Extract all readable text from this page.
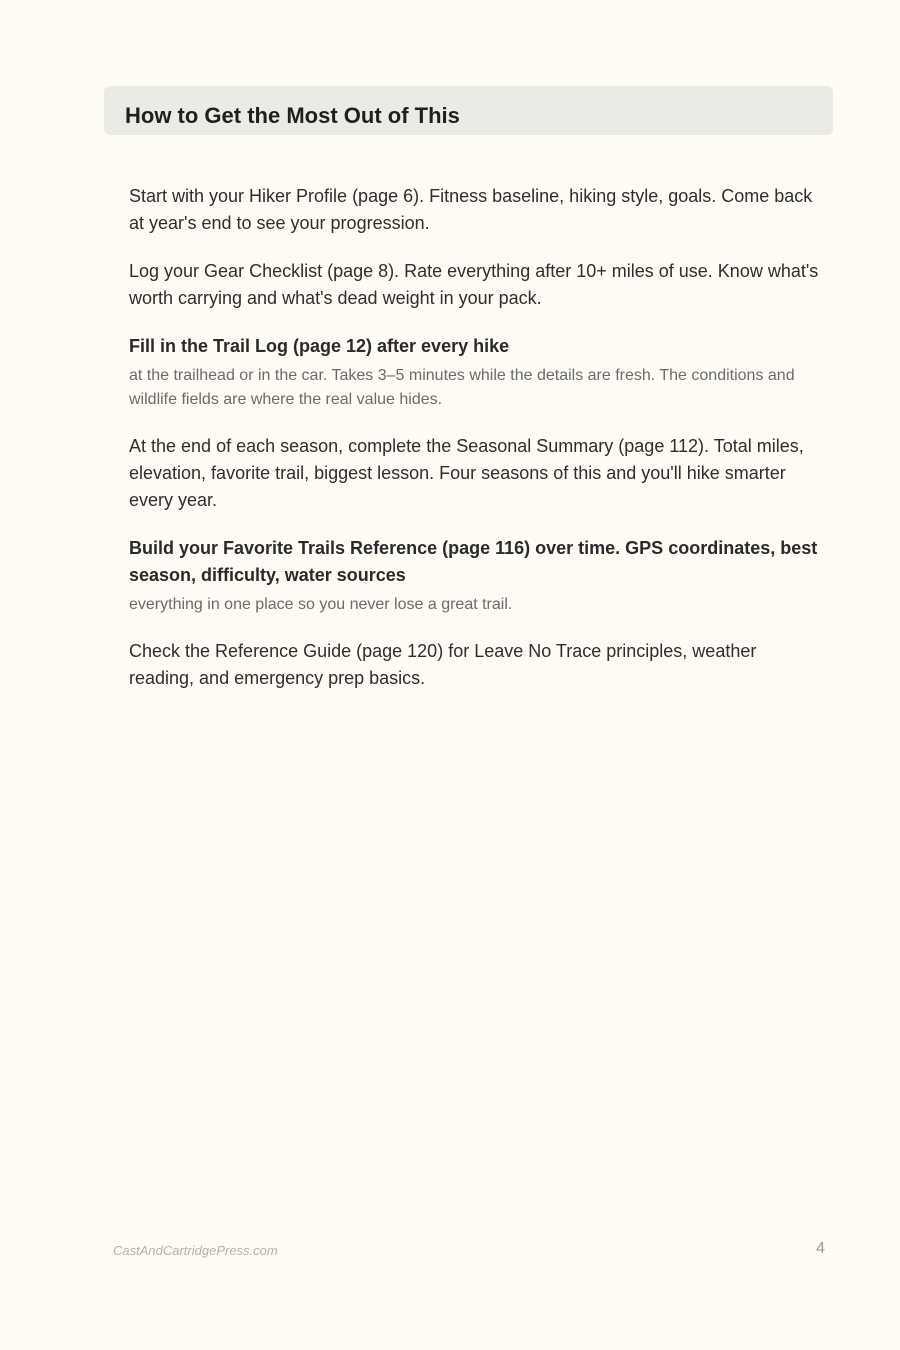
How to Get the Most Out of This

Start with your Hiker Profile (page 6). Fitness baseline, hiking style, goals. Come back at year's end to see your progression.

Log your Gear Checklist (page 8). Rate everything after 10+ miles of use. Know what's worth carrying and what's dead weight in your pack.

Fill in the Trail Log (page 12) after every hike
at the trailhead or in the car. Takes 3–5 minutes while the details are fresh. The conditions and wildlife fields are where the real value hides.

At the end of each season, complete the Seasonal Summary (page 112). Total miles, elevation, favorite trail, biggest lesson. Four seasons of this and you'll hike smarter every year.

Build your Favorite Trails Reference (page 116) over time. GPS coordinates, best season, difficulty, water sources
everything in one place so you never lose a great trail.

Check the Reference Guide (page 120) for Leave No Trace principles, weather reading, and emergency prep basics.

CastAndCartridgePress.com	4
